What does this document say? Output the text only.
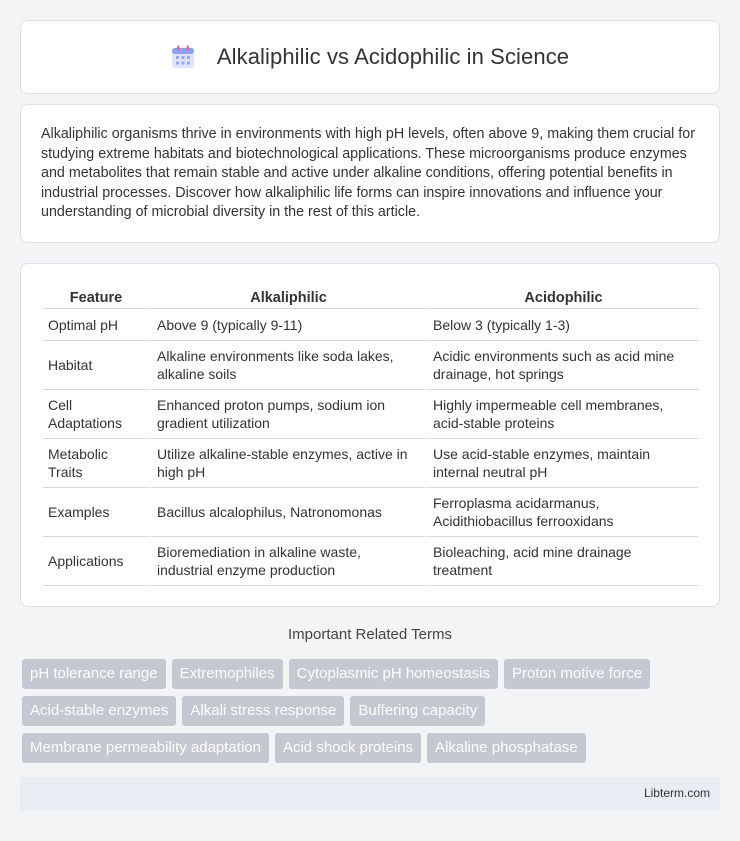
Alkaliphilic vs Acidophilic in Science

Alkaliphilic organisms thrive in environments with high pH levels, often above 9, making them crucial for studying extreme habitats and biotechnological applications. These microorganisms produce enzymes and metabolites that remain stable and active under alkaline conditions, offering potential benefits in industrial processes. Discover how alkaliphilic life forms can inspire innovations and influence your understanding of microbial diversity in the rest of this article.

Feature	Alkaliphilic	Acidophilic
Optimal pH	Above 9 (typically 9-11)	Below 3 (typically 1-3)
Habitat	Alkaline environments like soda lakes, alkaline soils	Acidic environments such as acid mine drainage, hot springs
Cell Adaptations	Enhanced proton pumps, sodium ion gradient utilization	Highly impermeable cell membranes, acid-stable proteins
Metabolic Traits	Utilize alkaline-stable enzymes, active in high pH	Use acid-stable enzymes, maintain internal neutral pH
Examples	Bacillus alcalophilus, Natronomonas	Ferroplasma acidarmanus, Acidithiobacillus ferrooxidans
Applications	Bioremediation in alkaline waste, industrial enzyme production	Bioleaching, acid mine drainage treatment
Important Related Terms
pH tolerance range	Extremophiles	Cytoplasmic pH homeostasis	Proton motive force
Acid-stable enzymes	Alkali stress response	Buffering capacity
Membrane permeability adaptation	Acid shock proteins	Alkaline phosphatase
Libterm.com
